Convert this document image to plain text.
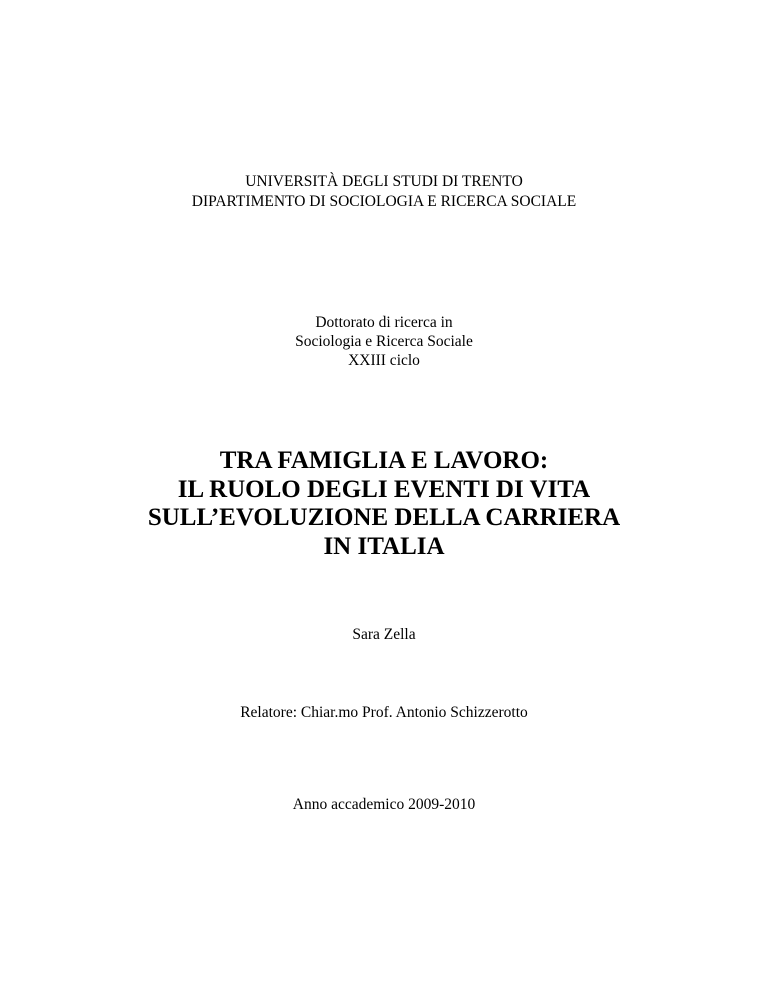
UNIVERSITÀ DEGLI STUDI DI TRENTO
DIPARTIMENTO DI SOCIOLOGIA E RICERCA SOCIALE
Dottorato di ricerca in
Sociologia e Ricerca Sociale
XXIII ciclo
TRA FAMIGLIA E LAVORO:
IL RUOLO DEGLI EVENTI DI VITA
SULL’EVOLUZIONE DELLA CARRIERA
IN ITALIA
Sara Zella
Relatore: Chiar.mo Prof. Antonio Schizzerotto
Anno accademico 2009-2010
